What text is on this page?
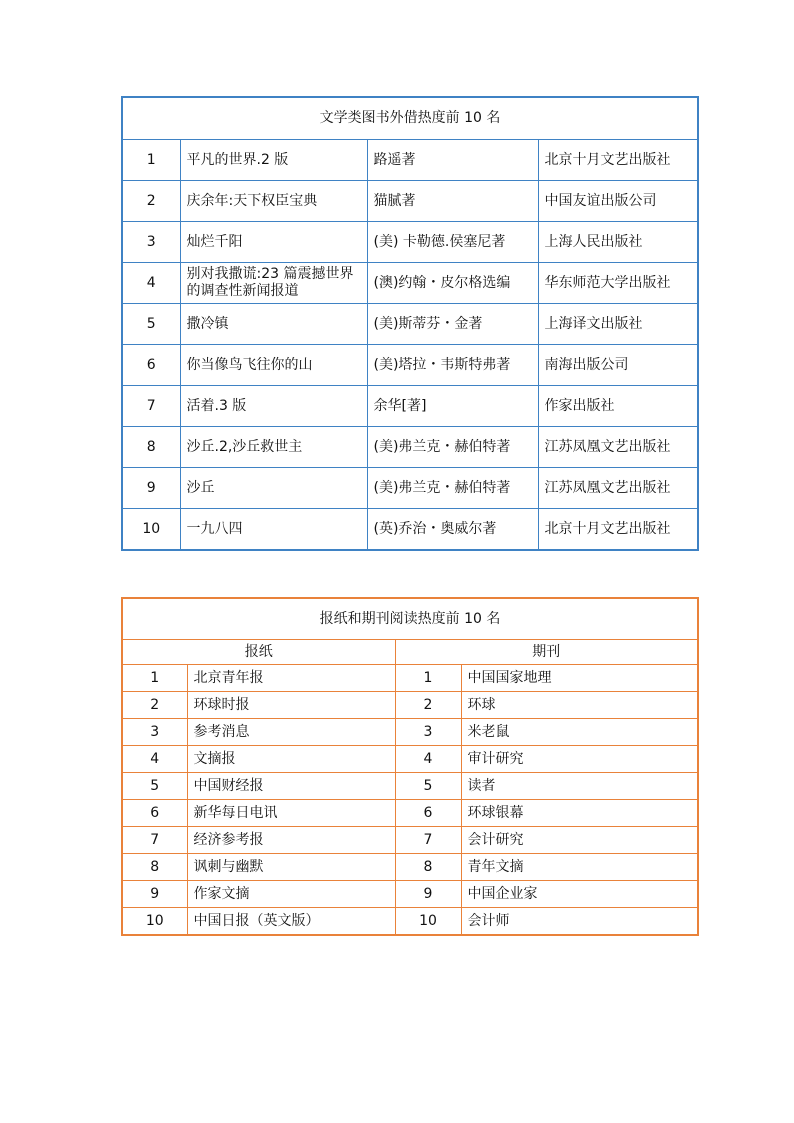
文学类图书外借热度前 10 名			
1	平凡的世界.2 版	路遥著	北京十月文艺出版社
2	庆余年:天下权臣宝典	猫腻著	中国友谊出版公司
3	灿烂千阳	(美) 卡勒德.侯塞尼著	上海人民出版社
4	别对我撒谎:23 篇震撼世界的调查性新闻报道	(澳)约翰・皮尔格选编	华东师范大学出版社
5	撒冷镇	(美)斯蒂芬・金著	上海译文出版社
6	你当像鸟飞往你的山	(美)塔拉・韦斯特弗著	南海出版公司
7	活着.3 版	余华[著]	作家出版社
8	沙丘.2,沙丘救世主	(美)弗兰克・赫伯特著	江苏凤凰文艺出版社
9	沙丘	(美)弗兰克・赫伯特著	江苏凤凰文艺出版社
10	一九八四	(英)乔治・奥威尔著	北京十月文艺出版社
报纸和期刊阅读热度前 10 名			
报纸		期刊	
1	北京青年报	1	中国国家地理
2	环球时报	2	环球
3	参考消息	3	米老鼠
4	文摘报	4	审计研究
5	中国财经报	5	读者
6	新华每日电讯	6	环球银幕
7	经济参考报	7	会计研究
8	讽刺与幽默	8	青年文摘
9	作家文摘	9	中国企业家
10	中国日报（英文版）	10	会计师
